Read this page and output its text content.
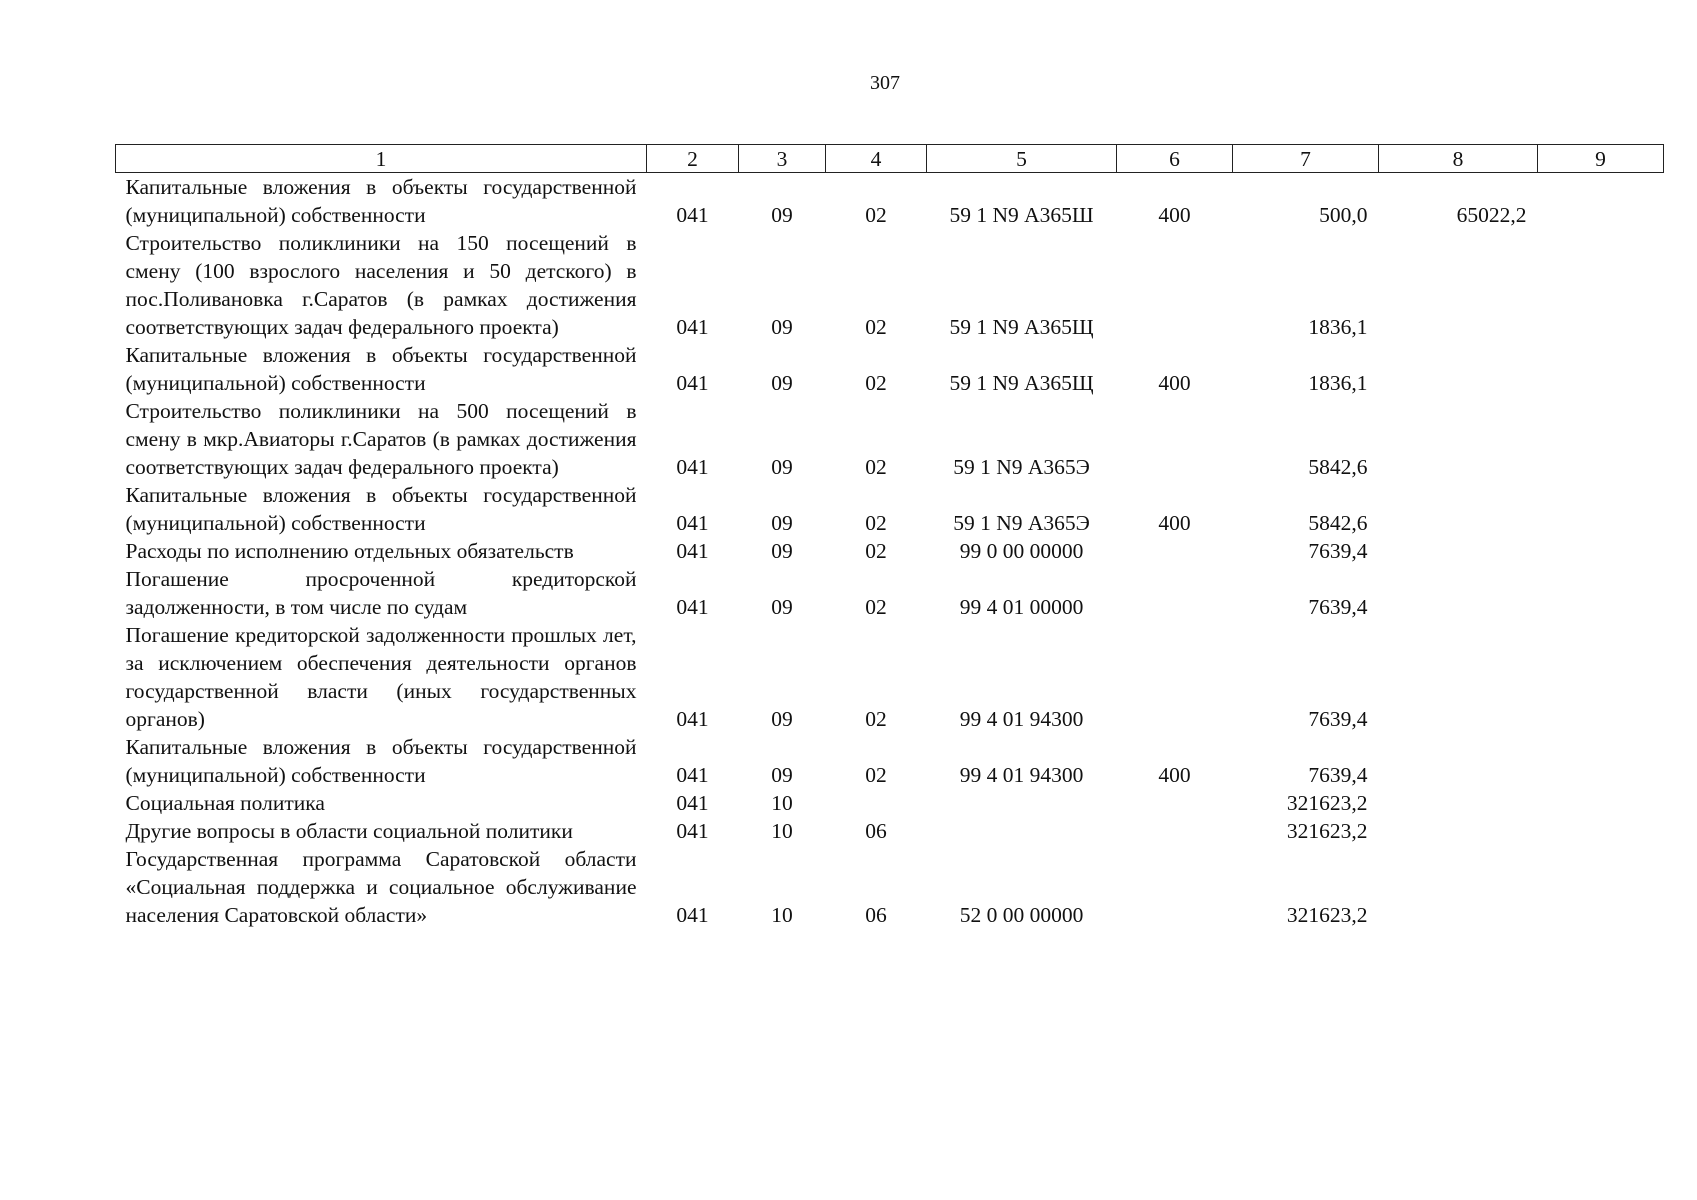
307
1	2	3	4	5	6	7	8	9
Капитальные вложения в объекты государственной (муниципальной) собственности	041	09	02	59 1 N9 А365Ш	400	500,0	65022,2	
Строительство поликлиники на 150 посещений в смену (100 взрослого населения и 50 детского) в пос.Поливановка г.Саратов (в рамках достижения соответствующих задач федерального проекта)	041	09	02	59 1 N9 А365Щ		1836,1		
Капитальные вложения в объекты государственной (муниципальной) собственности	041	09	02	59 1 N9 А365Щ	400	1836,1		
Строительство поликлиники на 500 посещений в смену в мкр.Авиаторы г.Саратов (в рамках достижения соответствующих задач федерального проекта)	041	09	02	59 1 N9 А365Э		5842,6		
Капитальные вложения в объекты государственной (муниципальной) собственности	041	09	02	59 1 N9 А365Э	400	5842,6		
Расходы по исполнению отдельных обязательств	041	09	02	99 0 00 00000		7639,4		
Погашение просроченной кредиторской задолженности, в том числе по судам	041	09	02	99 4 01 00000		7639,4		
Погашение кредиторской задолженности прошлых лет, за исключением обеспечения деятельности органов государственной власти (иных государственных органов)	041	09	02	99 4 01 94300		7639,4		
Капитальные вложения в объекты государственной (муниципальной) собственности	041	09	02	99 4 01 94300	400	7639,4		
Социальная политика	041	10				321623,2		
Другие вопросы в области социальной политики	041	10	06			321623,2		
Государственная программа Саратовской области «Социальная поддержка и социальное обслуживание населения Саратовской области»	041	10	06	52 0 00 00000		321623,2		
